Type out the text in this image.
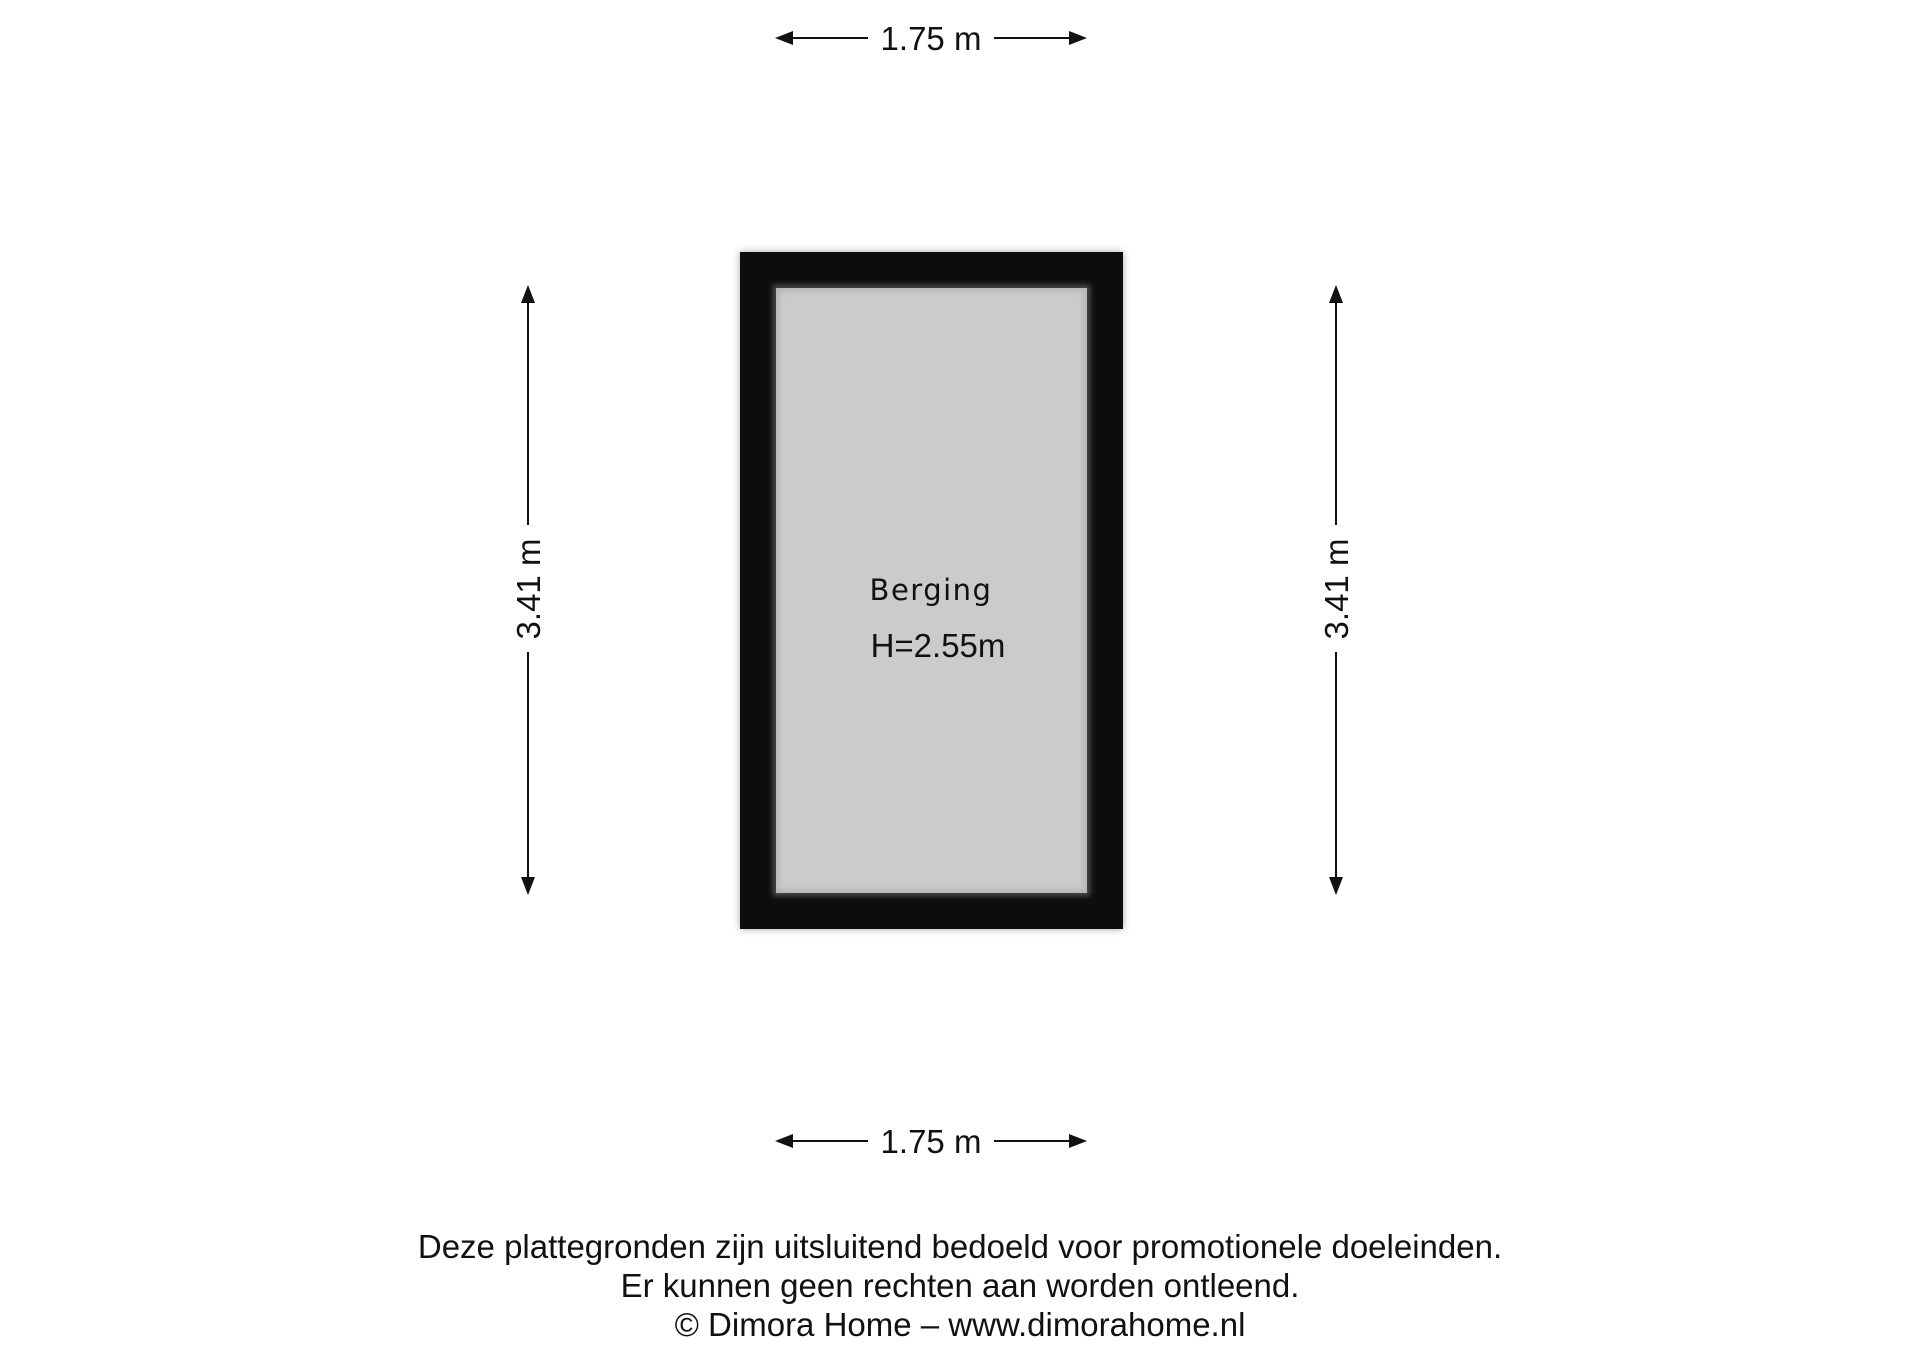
Berging
H=2.55m
1.75 m
1.75 m
3.41 m	3.41 m
Deze plattegronden zijn uitsluitend bedoeld voor promotionele doeleinden.
Er kunnen geen rechten aan worden ontleend.
© Dimora Home – www.dimorahome.nl
